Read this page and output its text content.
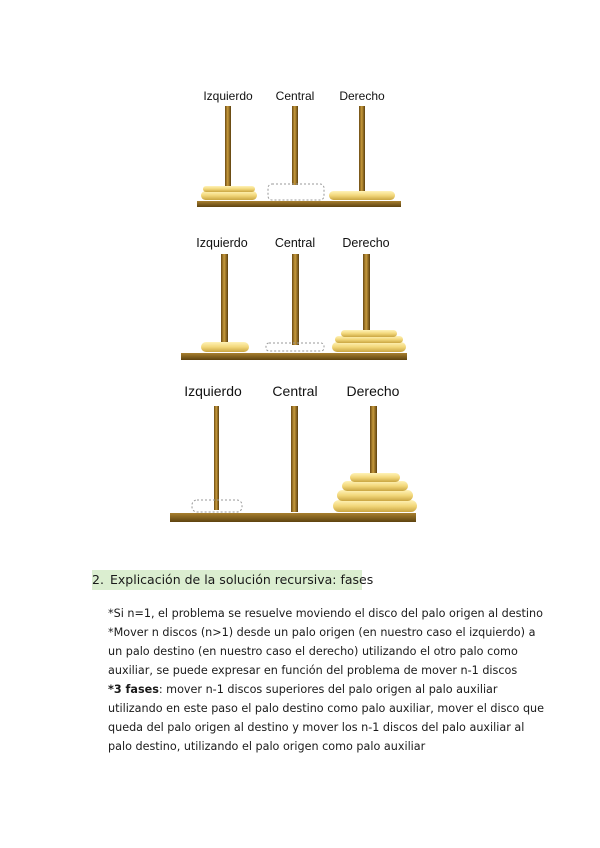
Izquierdo Central Derecho
Izquierdo Central Derecho
Izquierdo Central Derecho
2. Explicación de la solución recursiva: fases

*Si n=1, el problema se resuelve moviendo el disco del palo origen al destino

*Mover n discos (n>1) desde un palo origen (en nuestro caso el izquierdo) a

un palo destino (en nuestro caso el derecho) utilizando el otro palo como

auxiliar, se puede expresar en función del problema de mover n-1 discos

*3 fases: mover n-1 discos superiores del palo origen al palo auxiliar

utilizando en este paso el palo destino como palo auxiliar, mover el disco que

queda del palo origen al destino y mover los n-1 discos del palo auxiliar al

palo destino, utilizando el palo origen como palo auxiliar
